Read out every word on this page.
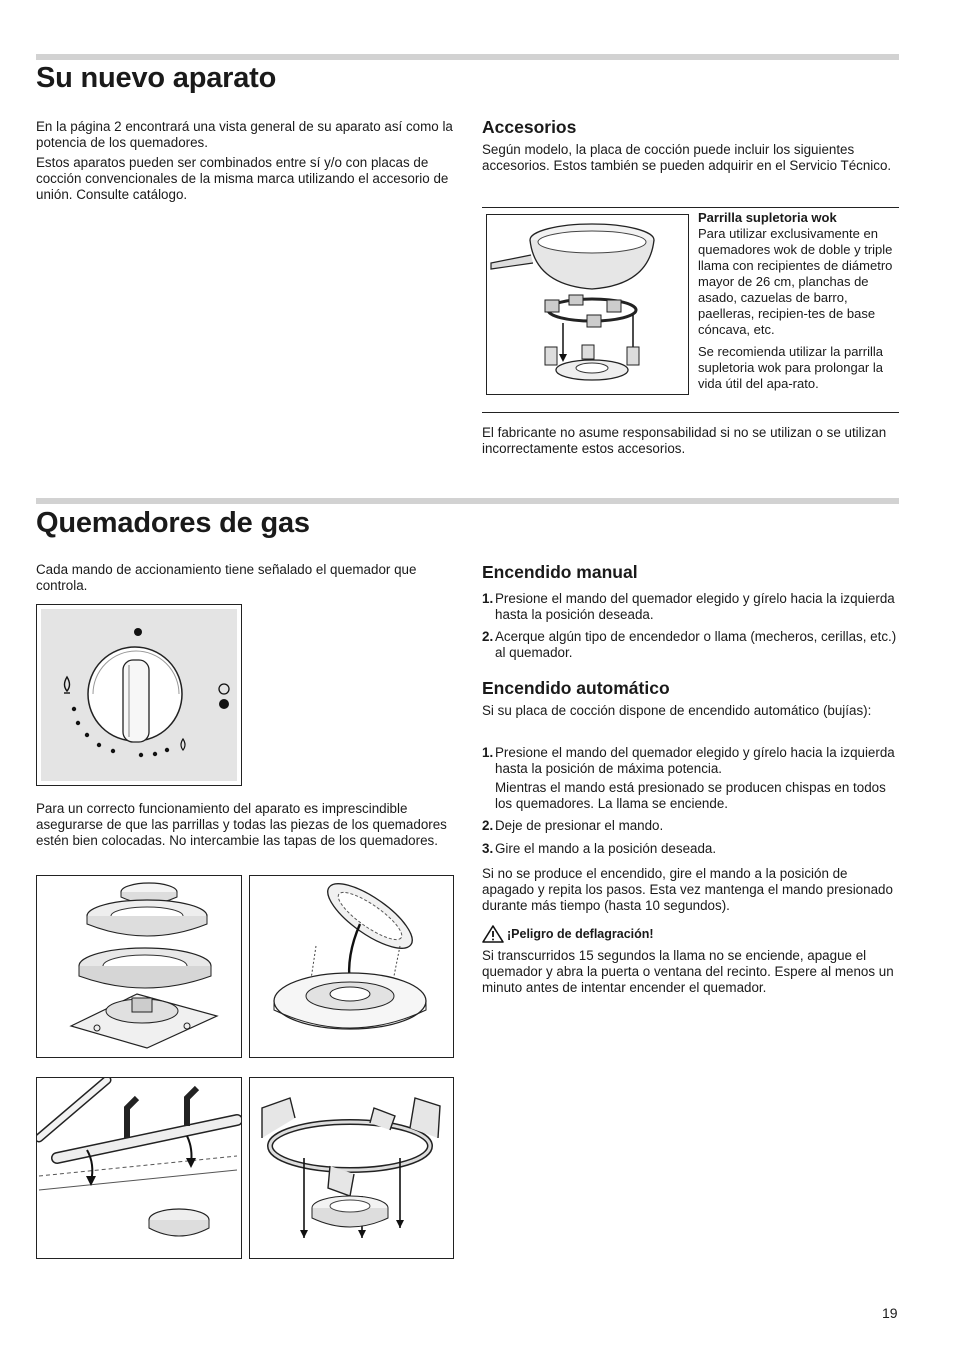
Su nuevo aparato

En la página 2 encontrará una vista general de su aparato así como la potencia de los quemadores.

Estos aparatos pueden ser combinados entre sí y/o con placas de cocción convencionales de la misma marca utilizando el accesorio de unión. Consulte catálogo.

Accesorios

Según modelo, la placa de cocción puede incluir los siguientes accesorios. Estos también se pueden adquirir en el Servicio Técnico.

Parrilla supletoria wok
Para utilizar exclusivamente en quemadores wok de doble y triple llama con recipientes de diámetro mayor de 26 cm, planchas de asado, cazuelas de barro, paelleras, recipien-tes de base cóncava, etc.
Se recomienda utilizar la parrilla supletoria wok para prolongar la vida útil del apa-rato.

El fabricante no asume responsabilidad si no se utilizan o se utilizan incorrectamente estos accesorios.

Quemadores de gas

Cada mando de accionamiento tiene señalado el quemador que controla.

Para un correcto funcionamiento del aparato es imprescindible asegurarse de que las parrillas y todas las piezas de los quemadores estén bien colocadas. No intercambie las tapas de los quemadores.

Encendido manual
1. Presione el mando del quemador elegido y gírelo hacia la izquierda hasta la posición deseada.
2. Acerque algún tipo de encendedor o llama (mecheros, cerillas, etc.) al quemador.
Encendido automático

Si su placa de cocción dispone de encendido automático (bujías):

1. Presione el mando del quemador elegido y gírelo hacia la izquierda hasta la posición de máxima potencia.
Mientras el mando está presionado se producen chispas en todos los quemadores. La llama se enciende.
2. Deje de presionar el mando.
3. Gire el mando a la posición deseada.

Si no se produce el encendido, gire el mando a la posición de apagado y repita los pasos. Esta vez mantenga el mando presionado durante más tiempo (hasta 10 segundos).

¡Peligro de deflagración!

Si transcurridos 15 segundos la llama no se enciende, apague el quemador y abra la puerta o ventana del recinto. Espere al menos un minuto antes de intentar encender el quemador.

19
